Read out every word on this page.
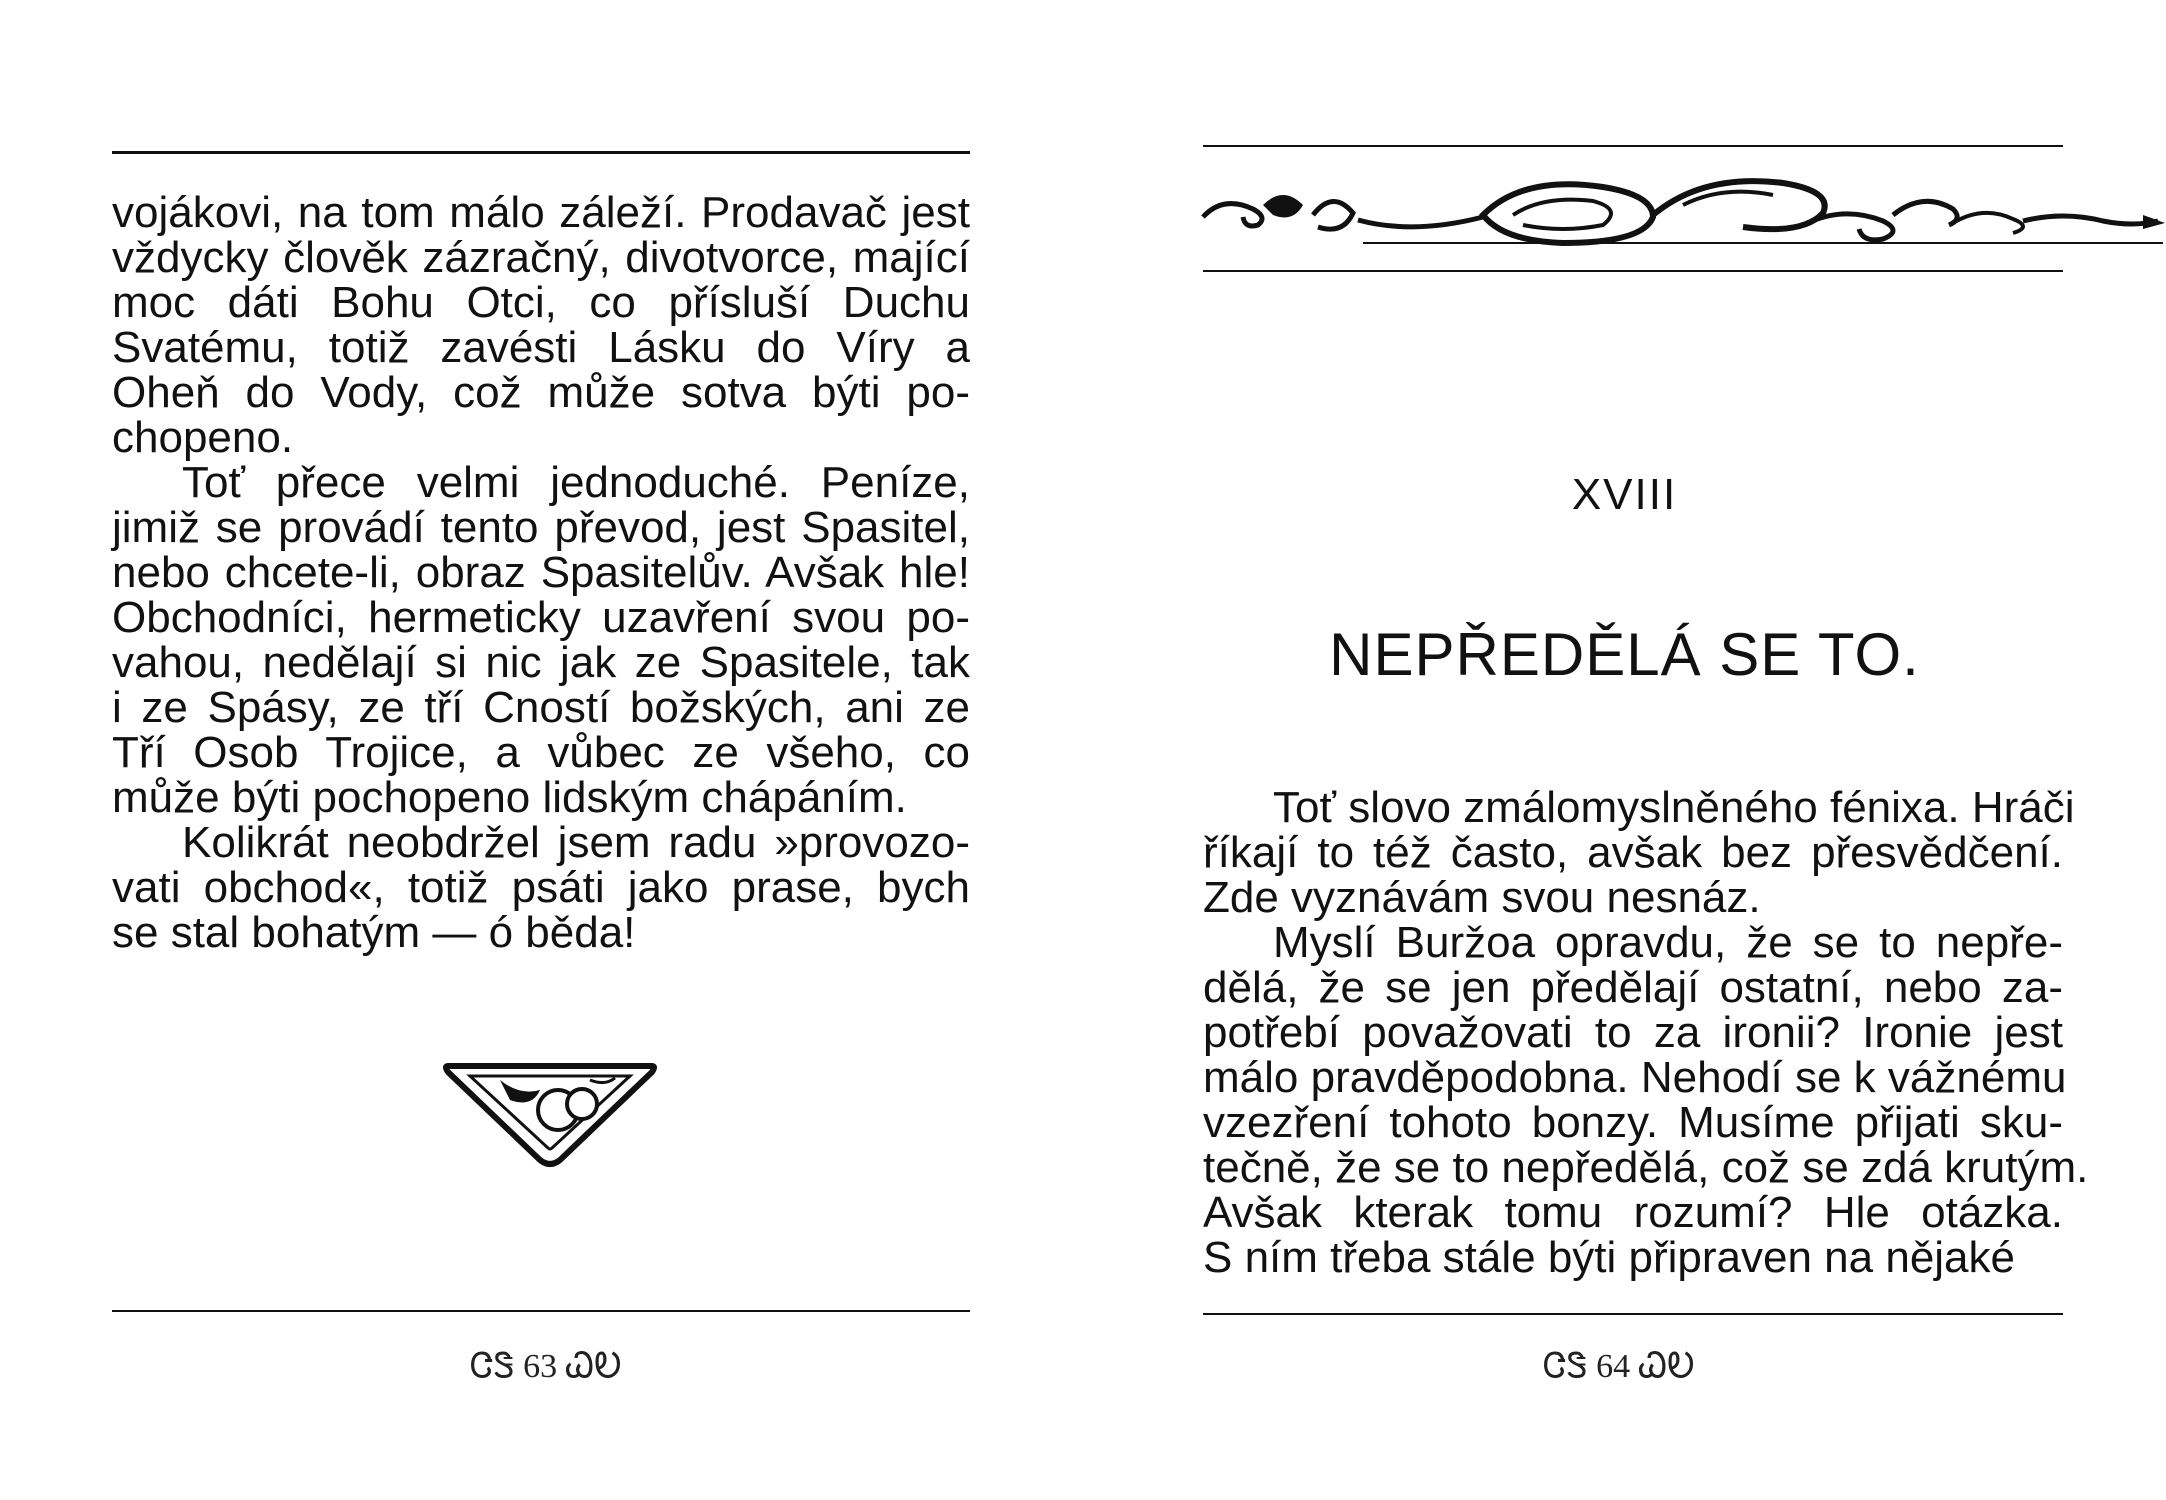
vojákovi, na tom málo záleží. Prodavač jest
vždycky člověk zázračný, divotvorce, mající
moc dáti Bohu Otci, co přísluší Duchu
Svatému, totiž zavésti Lásku do Víry a
Oheň do Vody, což může sotva býti po-
chopeno.

Toť přece velmi jednoduché. Peníze,
jimiž se provádí tento převod, jest Spasitel,
nebo chcete-li, obraz Spasitelův. Avšak hle!
Obchodníci, hermeticky uzavření svou po-
vahou, nedělají si nic jak ze Spasitele, tak
i ze Spásy, ze tří Cností božských, ani ze
Tří Osob Trojice, a vůbec ze všeho, co
může býti pochopeno lidským chápáním.

Kolikrát neobdržel jsem radu »provozo-
vati obchod«, totiž psáti jako prase, bych
se stal bohatým — ó běda!

ᏣᏕ 63 ᏇᎧ
XVIII
NEPŘEDĚLÁ SE TO.

Toť slovo zmálomyslněného fénixa. Hráči
říkají to též často, avšak bez přesvědčení.
Zde vyznávám svou nesnáz.

Myslí Buržoa opravdu, že se to nepře-
dělá, že se jen předělají ostatní, nebo za-
potřebí považovati to za ironii? Ironie jest
málo pravděpodobna. Nehodí se k vážnému
vzezření tohoto bonzy. Musíme přijati sku-
tečně, že se to nepředělá, což se zdá krutým.
Avšak kterak tomu rozumí? Hle otázka.
S ním třeba stále býti připraven na nějaké

ᏣᏕ 64 ᏇᎧ
